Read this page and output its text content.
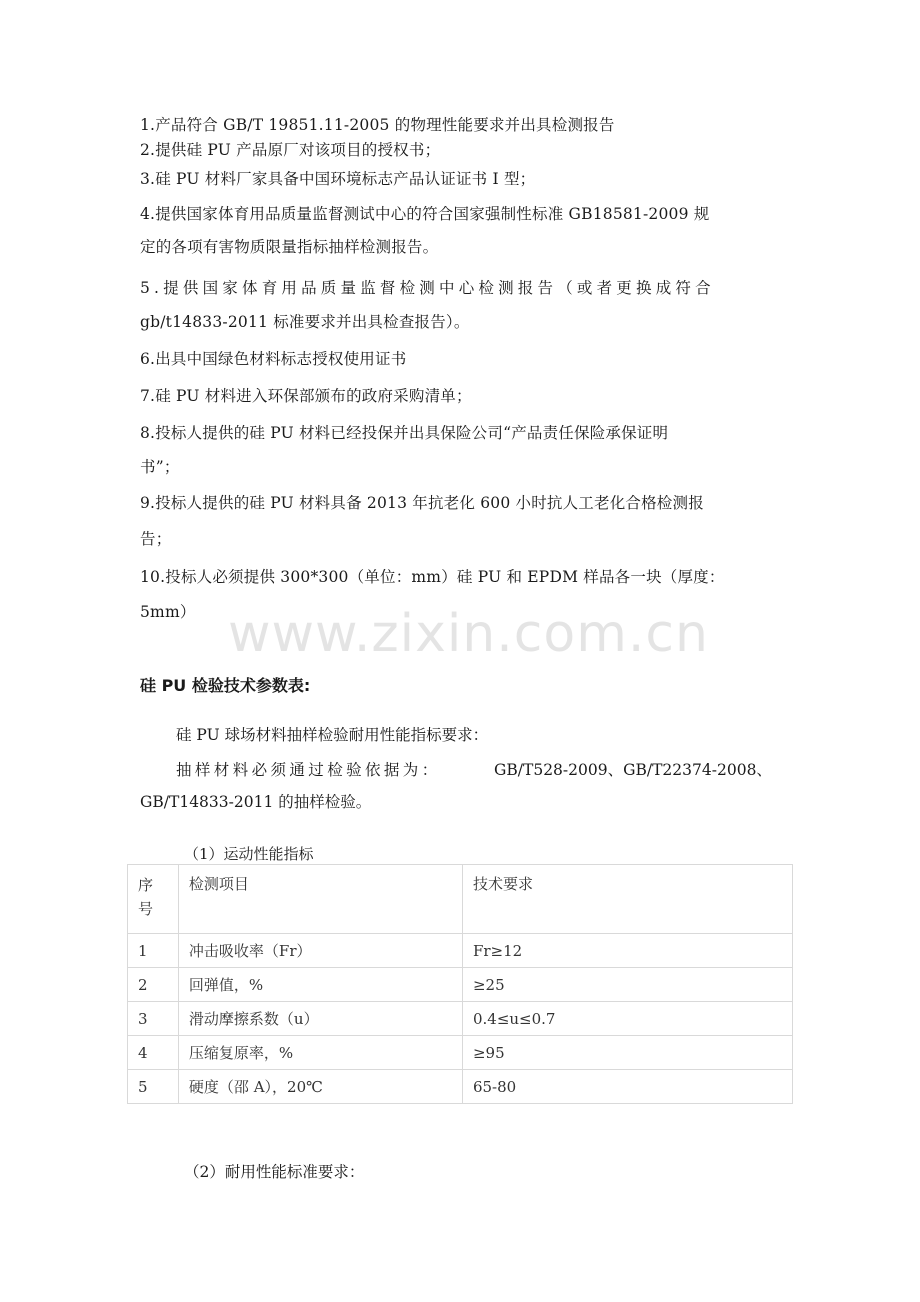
www.zixin.com.cn
1.产品符合 GB/T 19851.11-2005 的物理性能要求并出具检测报告
2.提供硅 PU 产品原厂对该项目的授权书；
3.硅 PU 材料厂家具备中国环境标志产品认证证书 I 型；
4.提供国家体育用品质量监督测试中心的符合国家强制性标准 GB18581-2009 规
定的各项有害物质限量指标抽样检测报告。
5.提供国家体育用品质量监督检测中心检测报告（或者更换成符合
gb/t14833-2011 标准要求并出具检查报告）。
6.出具中国绿色材料标志授权使用证书
7.硅 PU 材料进入环保部颁布的政府采购清单；
8.投标人提供的硅 PU 材料已经投保并出具保险公司“产品责任保险承保证明
书”；
9.投标人提供的硅 PU 材料具备 2013 年抗老化 600 小时抗人工老化合格检测报
告；
10.投标人必须提供 300*300（单位：mm）硅 PU 和 EPDM 样品各一块（厚度：
5mm）
硅 PU 检验技术参数表:
硅 PU 球场材料抽样检验耐用性能指标要求：
抽样材料必须通过检验依据为：	GB/T528-2009、GB/T22374-2008、
GB/T14833-2011 的抽样检验。
（1）运动性能指标
序
号	检测项目	技术要求
1	冲击吸收率（Fr）	Fr≥12
2	回弹值，%	≥25
3	滑动摩擦系数（u）	0.4≤u≤0.7
4	压缩复原率，%	≥95
5	硬度（邵 A），20℃	65-80
（2）耐用性能标准要求：
